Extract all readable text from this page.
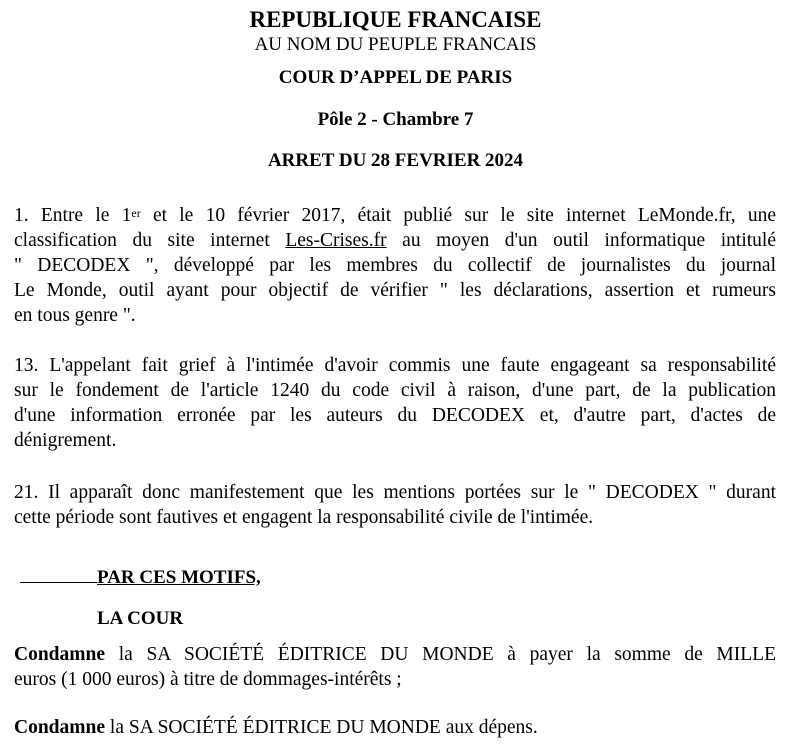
REPUBLIQUE FRANCAISE
AU NOM DU PEUPLE FRANCAIS
COUR D’APPEL DE PARIS
Pôle 2 - Chambre 7
ARRET DU 28 FEVRIER 2024
1. Entre le 1er et le 10 février 2017, était publié sur le site internet LeMonde.fr, une
classification du site internet Les-Crises.fr au moyen d'un outil informatique intitulé
" DECODEX ", développé par les membres du collectif de journalistes du journal
Le Monde, outil ayant pour objectif de vérifier " les déclarations, assertion et rumeurs
en tous genre ".
13. L'appelant fait grief à l'intimée d'avoir commis une faute engageant sa responsabilité
sur le fondement de l'article 1240 du code civil à raison, d'une part, de la publication
d'une information erronée par les auteurs du DECODEX et, d'autre part, d'actes de
dénigrement.
21. Il apparaît donc manifestement que les mentions portées sur le " DECODEX " durant
cette période sont fautives et engagent la responsabilité civile de l'intimée.
PAR CES MOTIFS,
LA COUR
Condamne la SA SOCIÉTÉ ÉDITRICE DU MONDE à payer la somme de MILLE
euros (1 000 euros) à titre de dommages-intérêts ;
Condamne la SA SOCIÉTÉ ÉDITRICE DU MONDE aux dépens.
